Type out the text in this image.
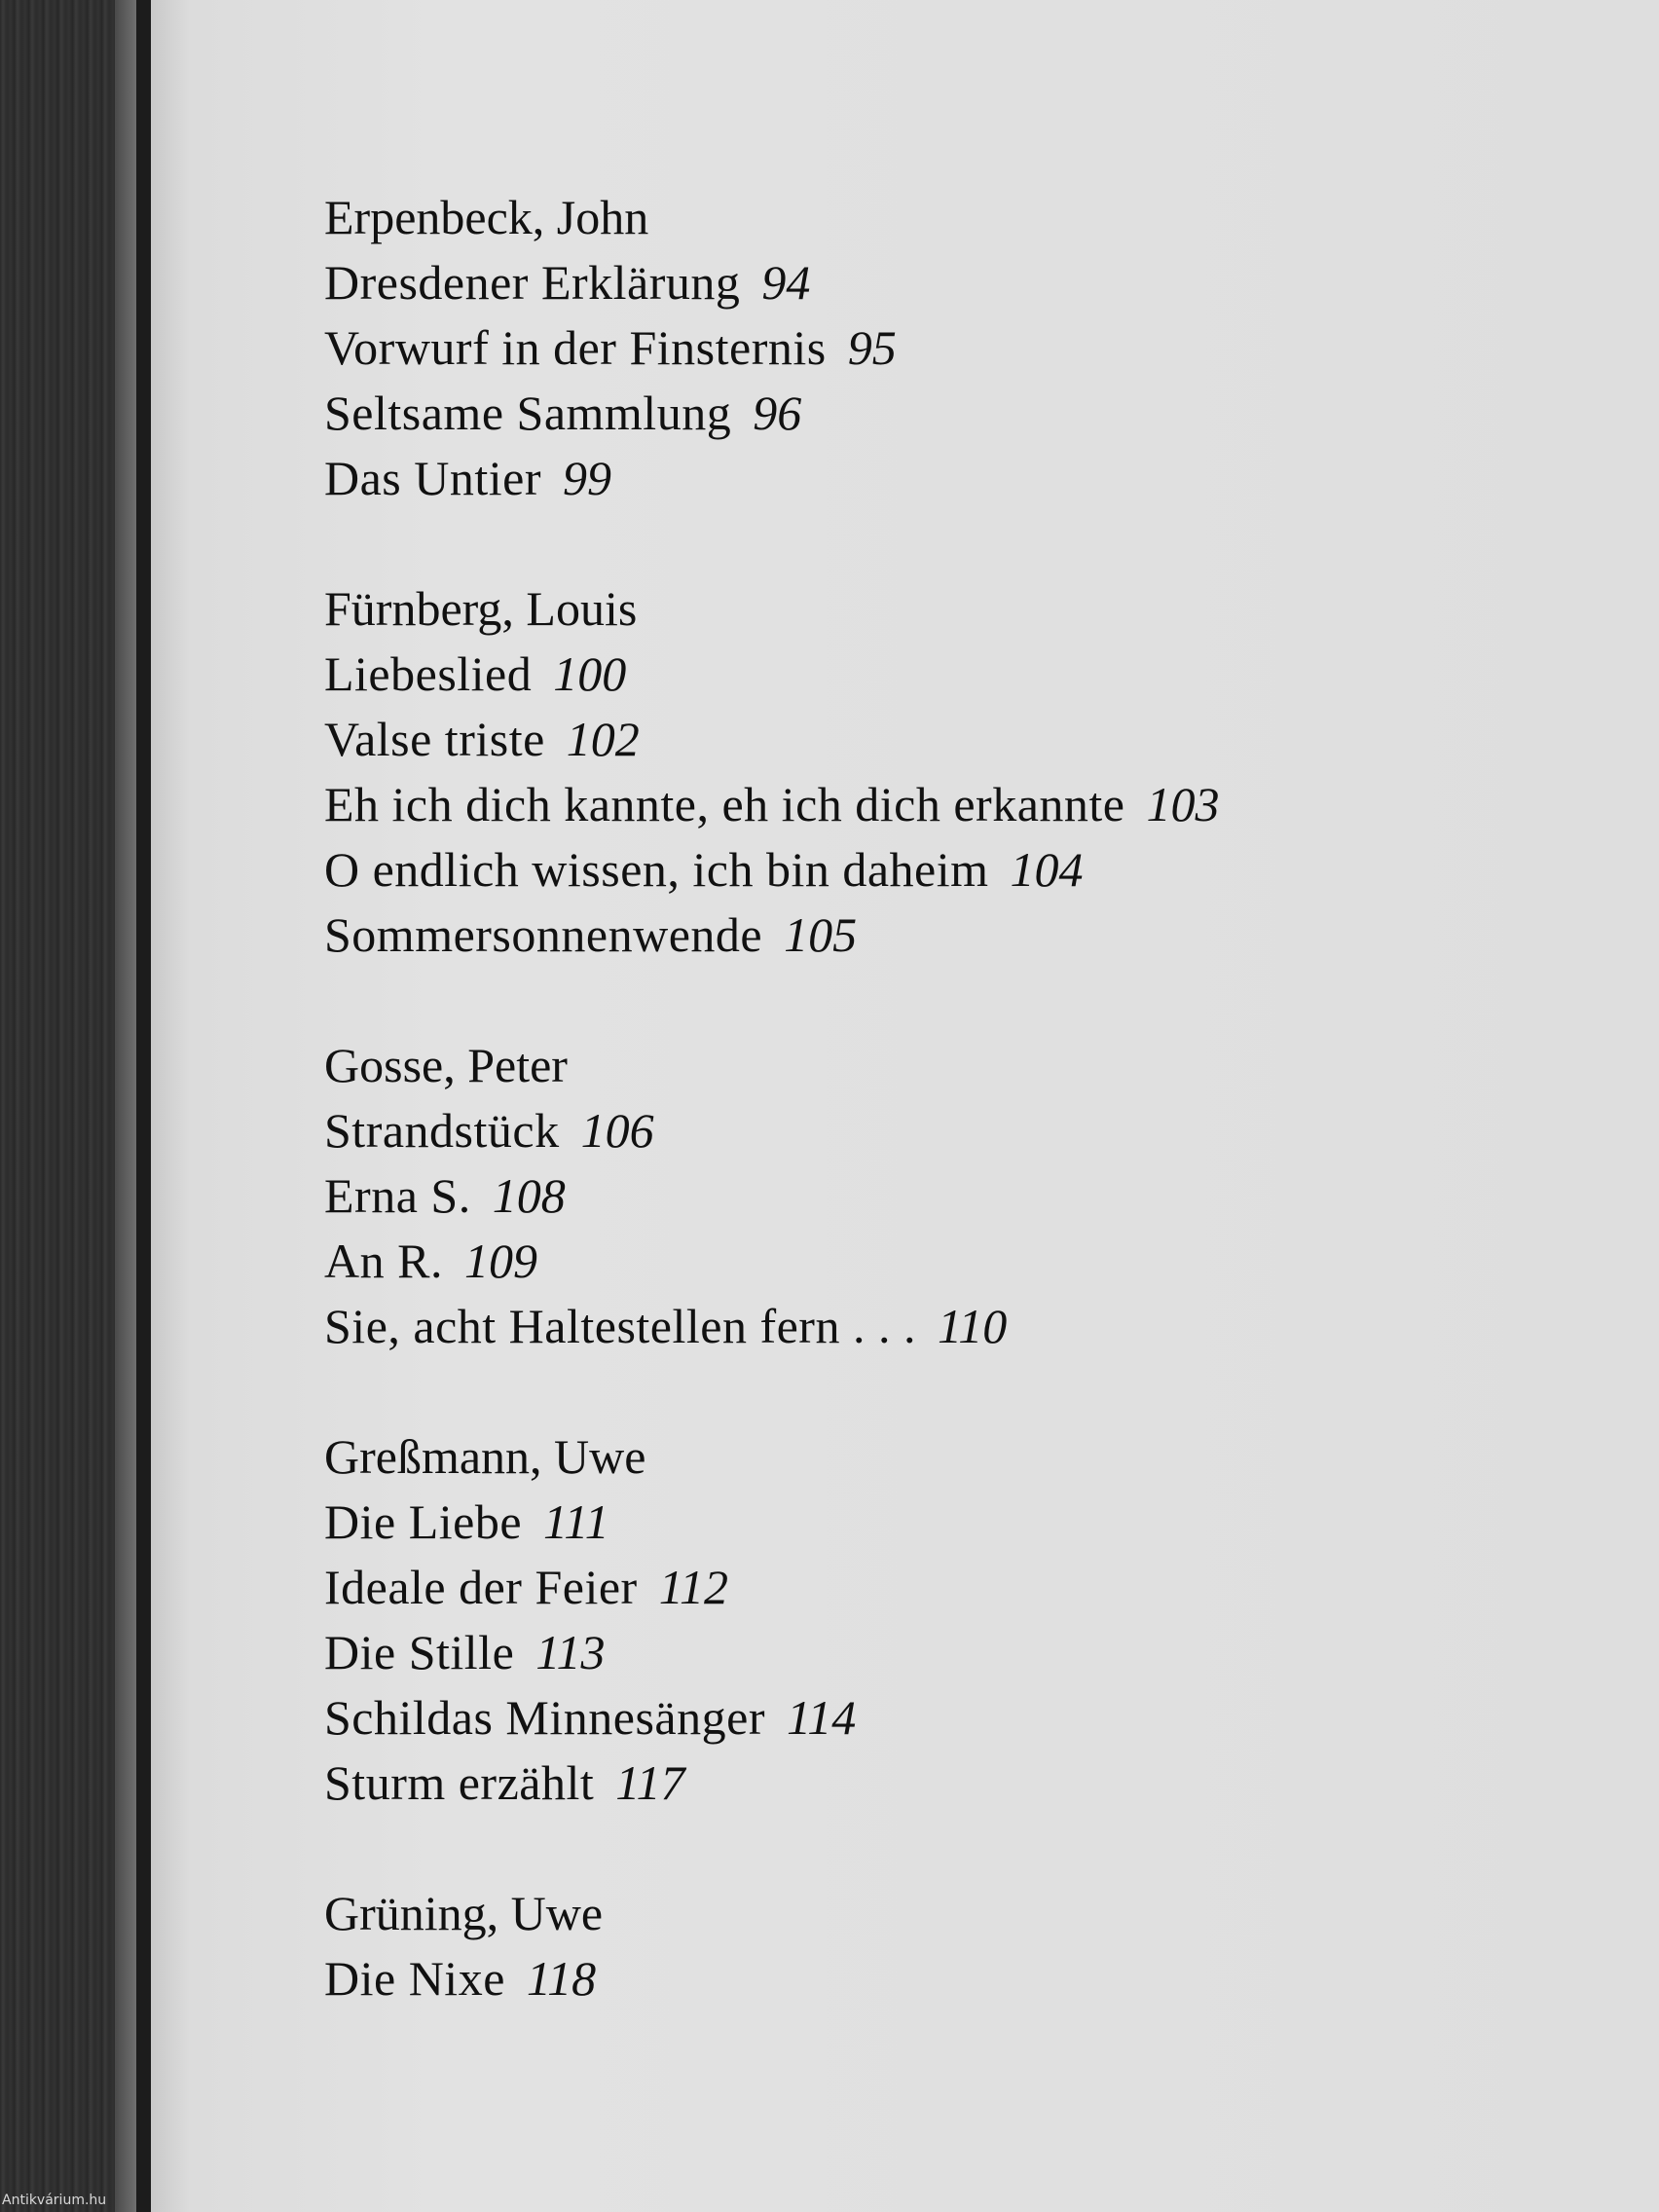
Erpenbeck, John
Dresdener Erklärung 94
Vorwurf in der Finsternis 95
Seltsame Sammlung 96
Das Untier 99
Fürnberg, Louis
Liebeslied 100
Valse triste 102
Eh ich dich kannte, eh ich dich erkannte 103
O endlich wissen, ich bin daheim 104
Sommersonnenwende 105
Gosse, Peter
Strandstück 106
Erna S. 108
An R. 109
Sie, acht Haltestellen fern . . . 110
Greßmann, Uwe
Die Liebe 111
Ideale der Feier 112
Die Stille 113
Schildas Minnesänger 114
Sturm erzählt 117
Grüning, Uwe
Die Nixe 118
Antikvárium.hu
